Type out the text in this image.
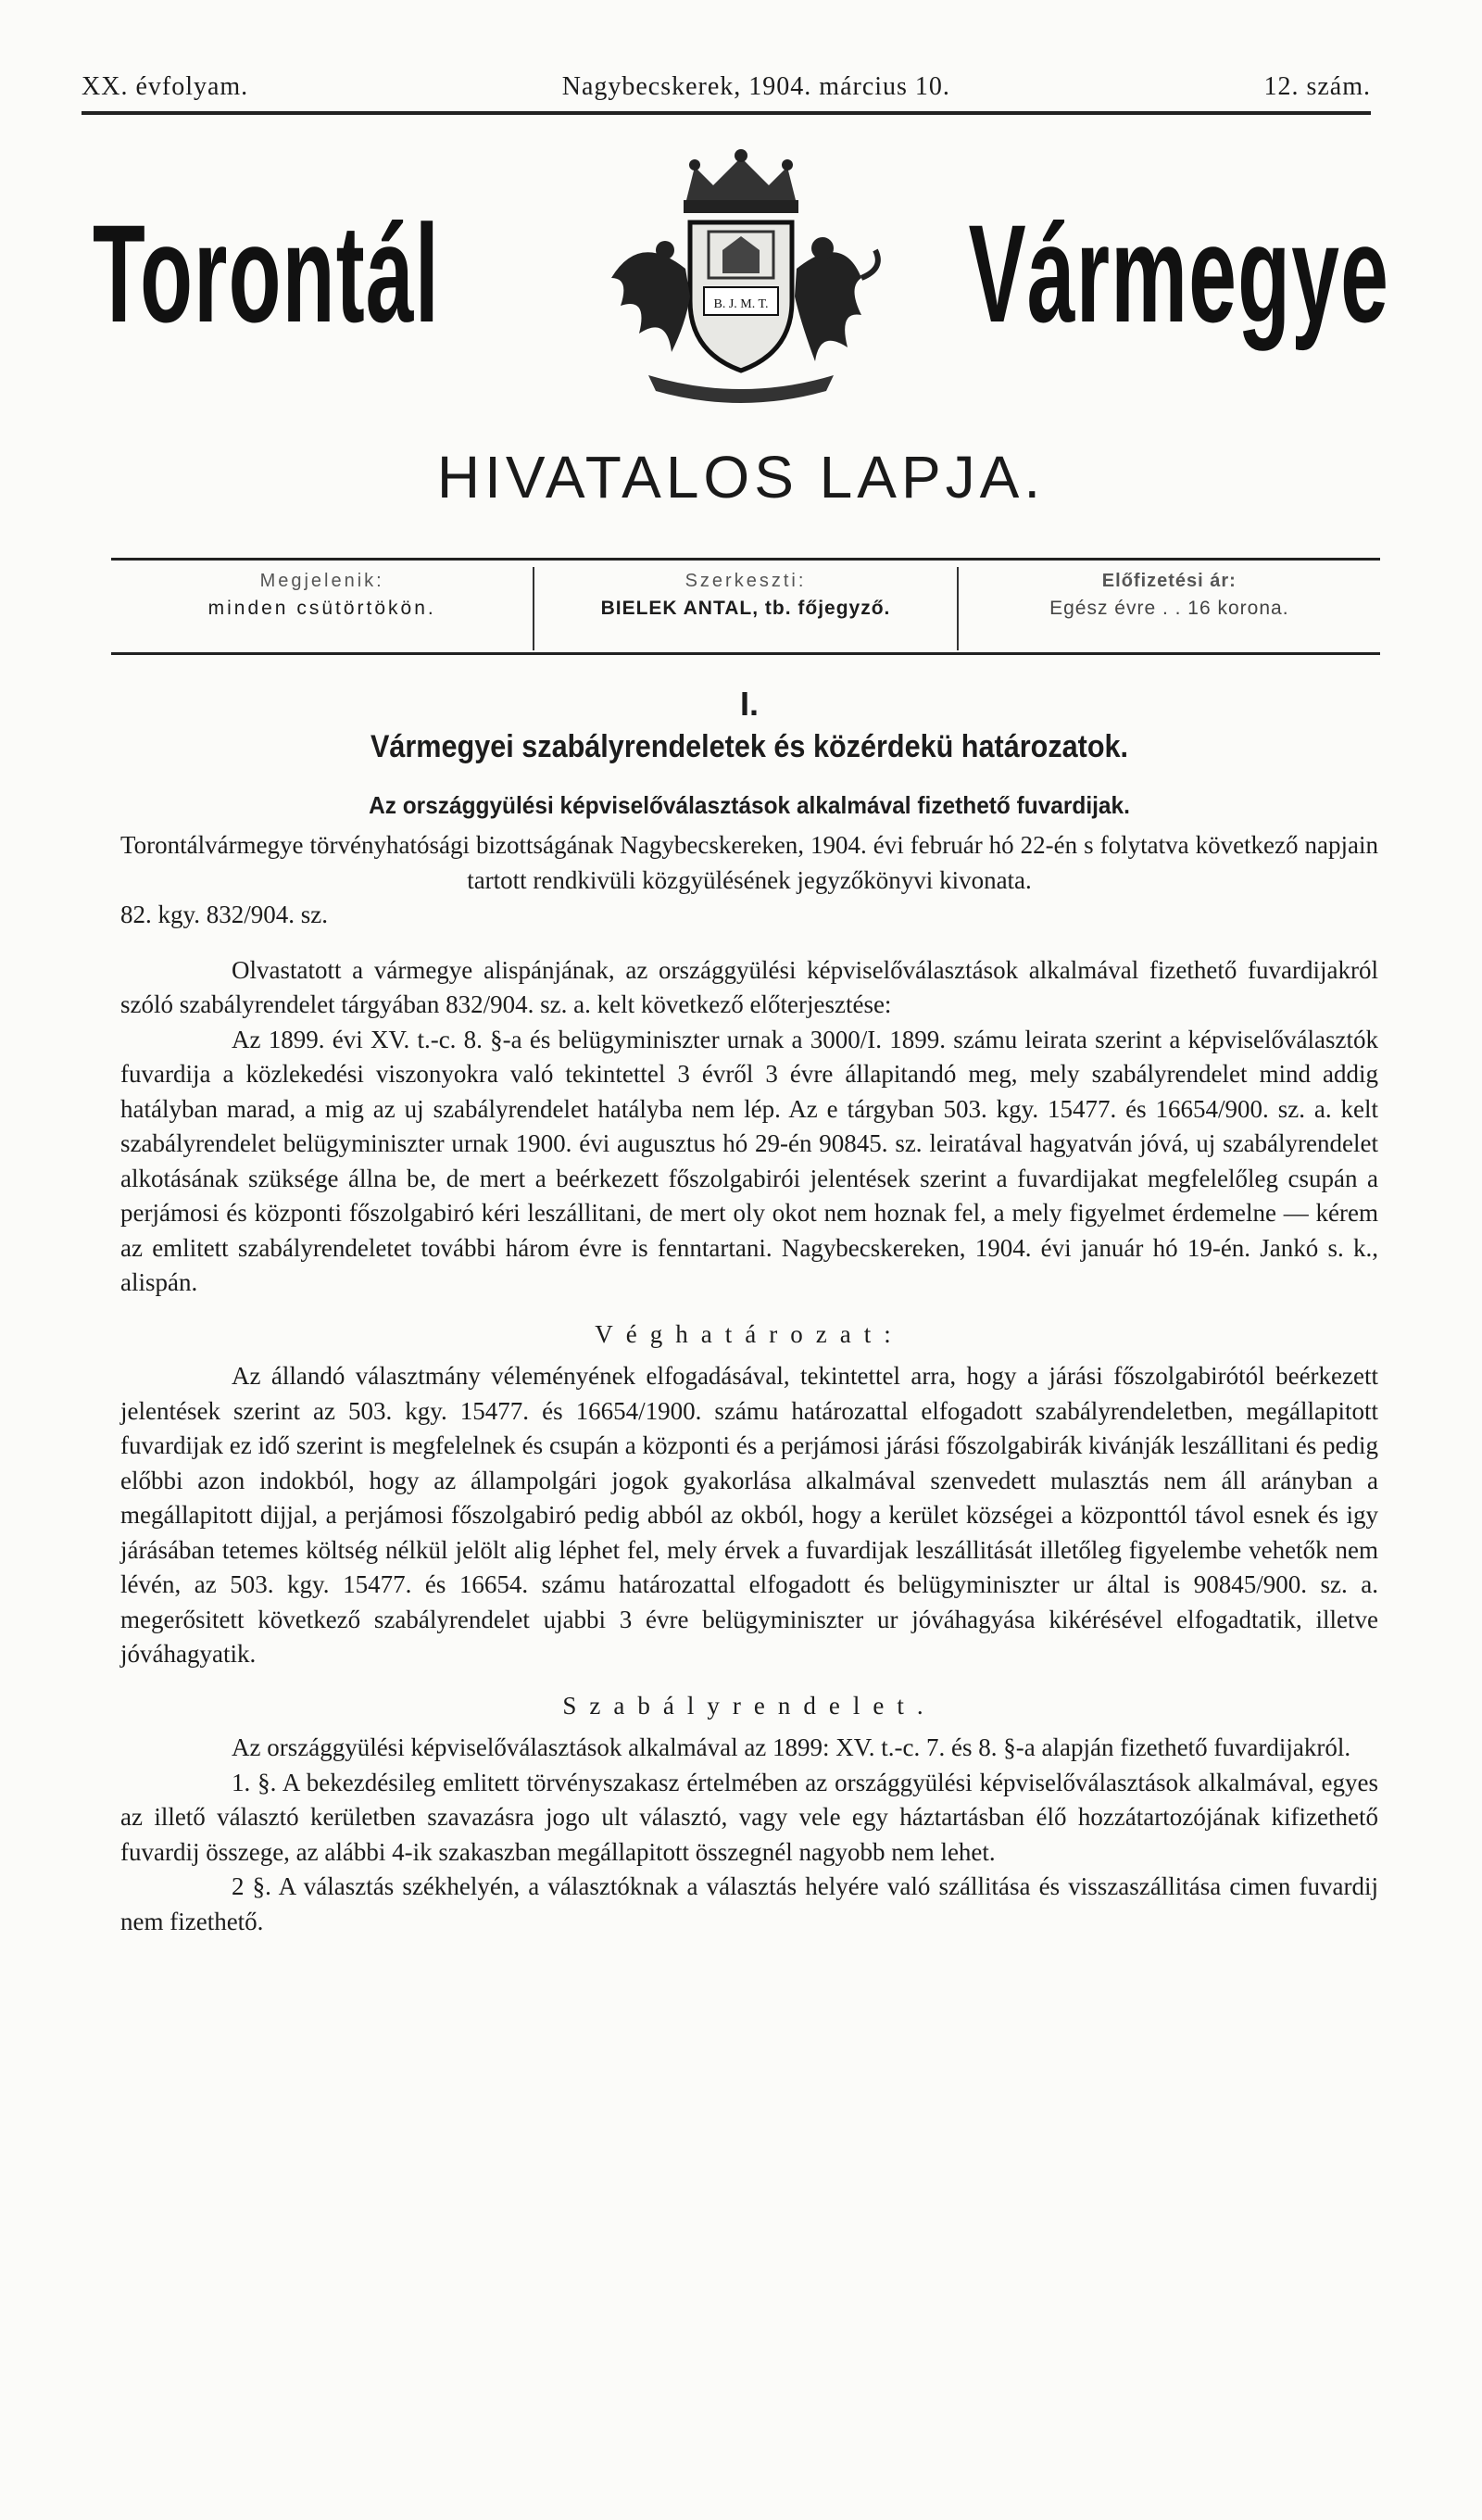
XX. évfolyam.	Nagybecskerek, 1904. március 10.	12. szám.
Torontál	B. J. M. T. Vármegye
HIVATALOS LAPJA.
Megjelenik:
minden csütörtökön.
Szerkeszti:
BIELEK ANTAL, tb. főjegyző.
Előfizetési ár:
Egész évre . . 16 korona.
I.
Vármegyei szabályrendeletek és közérdekü határozatok.
Az országgyülési képviselőválasztások alkalmával fizethető fuvardijak.

Torontálvármegye törvényhatósági bizottságának Nagybecskereken, 1904. évi február hó 22-én s folytatva következő napjain tartott rendkivüli közgyülésének jegyzőkönyvi kivonata.

82. kgy. 832/904. sz.

Olvastatott a vármegye alispánjának, az országgyülési képviselőválasztások alkalmával fizethető fuvardijakról szóló szabályrendelet tárgyában 832/904. sz. a. kelt következő előterjesztése:

Az 1899. évi XV. t.-c. 8. §-a és belügyminiszter urnak a 3000/I. 1899. számu leirata szerint a képviselőválasztók fuvardija a közlekedési viszonyokra való tekintettel 3 évről 3 évre állapitandó meg, mely szabályrendelet mind addig hatályban marad, a mig az uj szabályrendelet hatályba nem lép. Az e tárgyban 503. kgy. 15477. és 16654/900. sz. a. kelt szabályrendelet belügyminiszter urnak 1900. évi augusztus hó 29-én 90845. sz. leiratával hagyatván jóvá, uj szabályrendelet alkotásának szüksége állna be, de mert a beérkezett főszolgabirói jelentések szerint a fuvardijakat megfelelőleg csupán a perjámosi és központi főszolgabiró kéri leszállitani, de mert oly okot nem hoznak fel, a mely figyelmet érdemelne — kérem az emlitett szabályrendeletet további három évre is fenntartani. Nagybecskereken, 1904. évi január hó 19-én. Jankó s. k., alispán.

Véghatározat:

Az állandó választmány véleményének elfogadásával, tekintettel arra, hogy a járási főszolgabirótól beérkezett jelentések szerint az 503. kgy. 15477. és 16654/1900. számu határozattal elfogadott szabályrendeletben, megállapitott fuvardijak ez idő szerint is megfelelnek és csupán a központi és a perjámosi járási főszolgabirák kivánják leszállitani és pedig előbbi azon indokból, hogy az állampolgári jogok gyakorlása alkalmával szenvedett mulasztás nem áll arányban a megállapitott dijjal, a perjámosi főszolgabiró pedig abból az okból, hogy a kerület községei a központtól távol esnek és igy járásában tetemes költség nélkül jelölt alig léphet fel, mely érvek a fuvardijak leszállitását illetőleg figyelembe vehetők nem lévén, az 503. kgy. 15477. és 16654. számu határozattal elfogadott és belügyminiszter ur által is 90845/900. sz. a. megerősitett következő szabályrendelet ujabbi 3 évre belügyminiszter ur jóváhagyása kikérésével elfogadtatik, illetve jóváhagyatik.

Szabályrendelet.

Az országgyülési képviselőválasztások alkalmával az 1899: XV. t.-c. 7. és 8. §-a alapján fizethető fuvardijakról.

1. §. A bekezdésileg emlitett törvényszakasz értelmében az országgyülési képviselőválasztások alkalmával, egyes az illető választó kerületben szavazásra jogo ult választó, vagy vele egy háztartásban élő hozzátartozójának kifizethető fuvardij összege, az alábbi 4-ik szakaszban megállapitott összegnél nagyobb nem lehet.

2 §. A választás székhelyén, a választóknak a választás helyére való szállitása és visszaszállitása cimen fuvardij nem fizethető.
